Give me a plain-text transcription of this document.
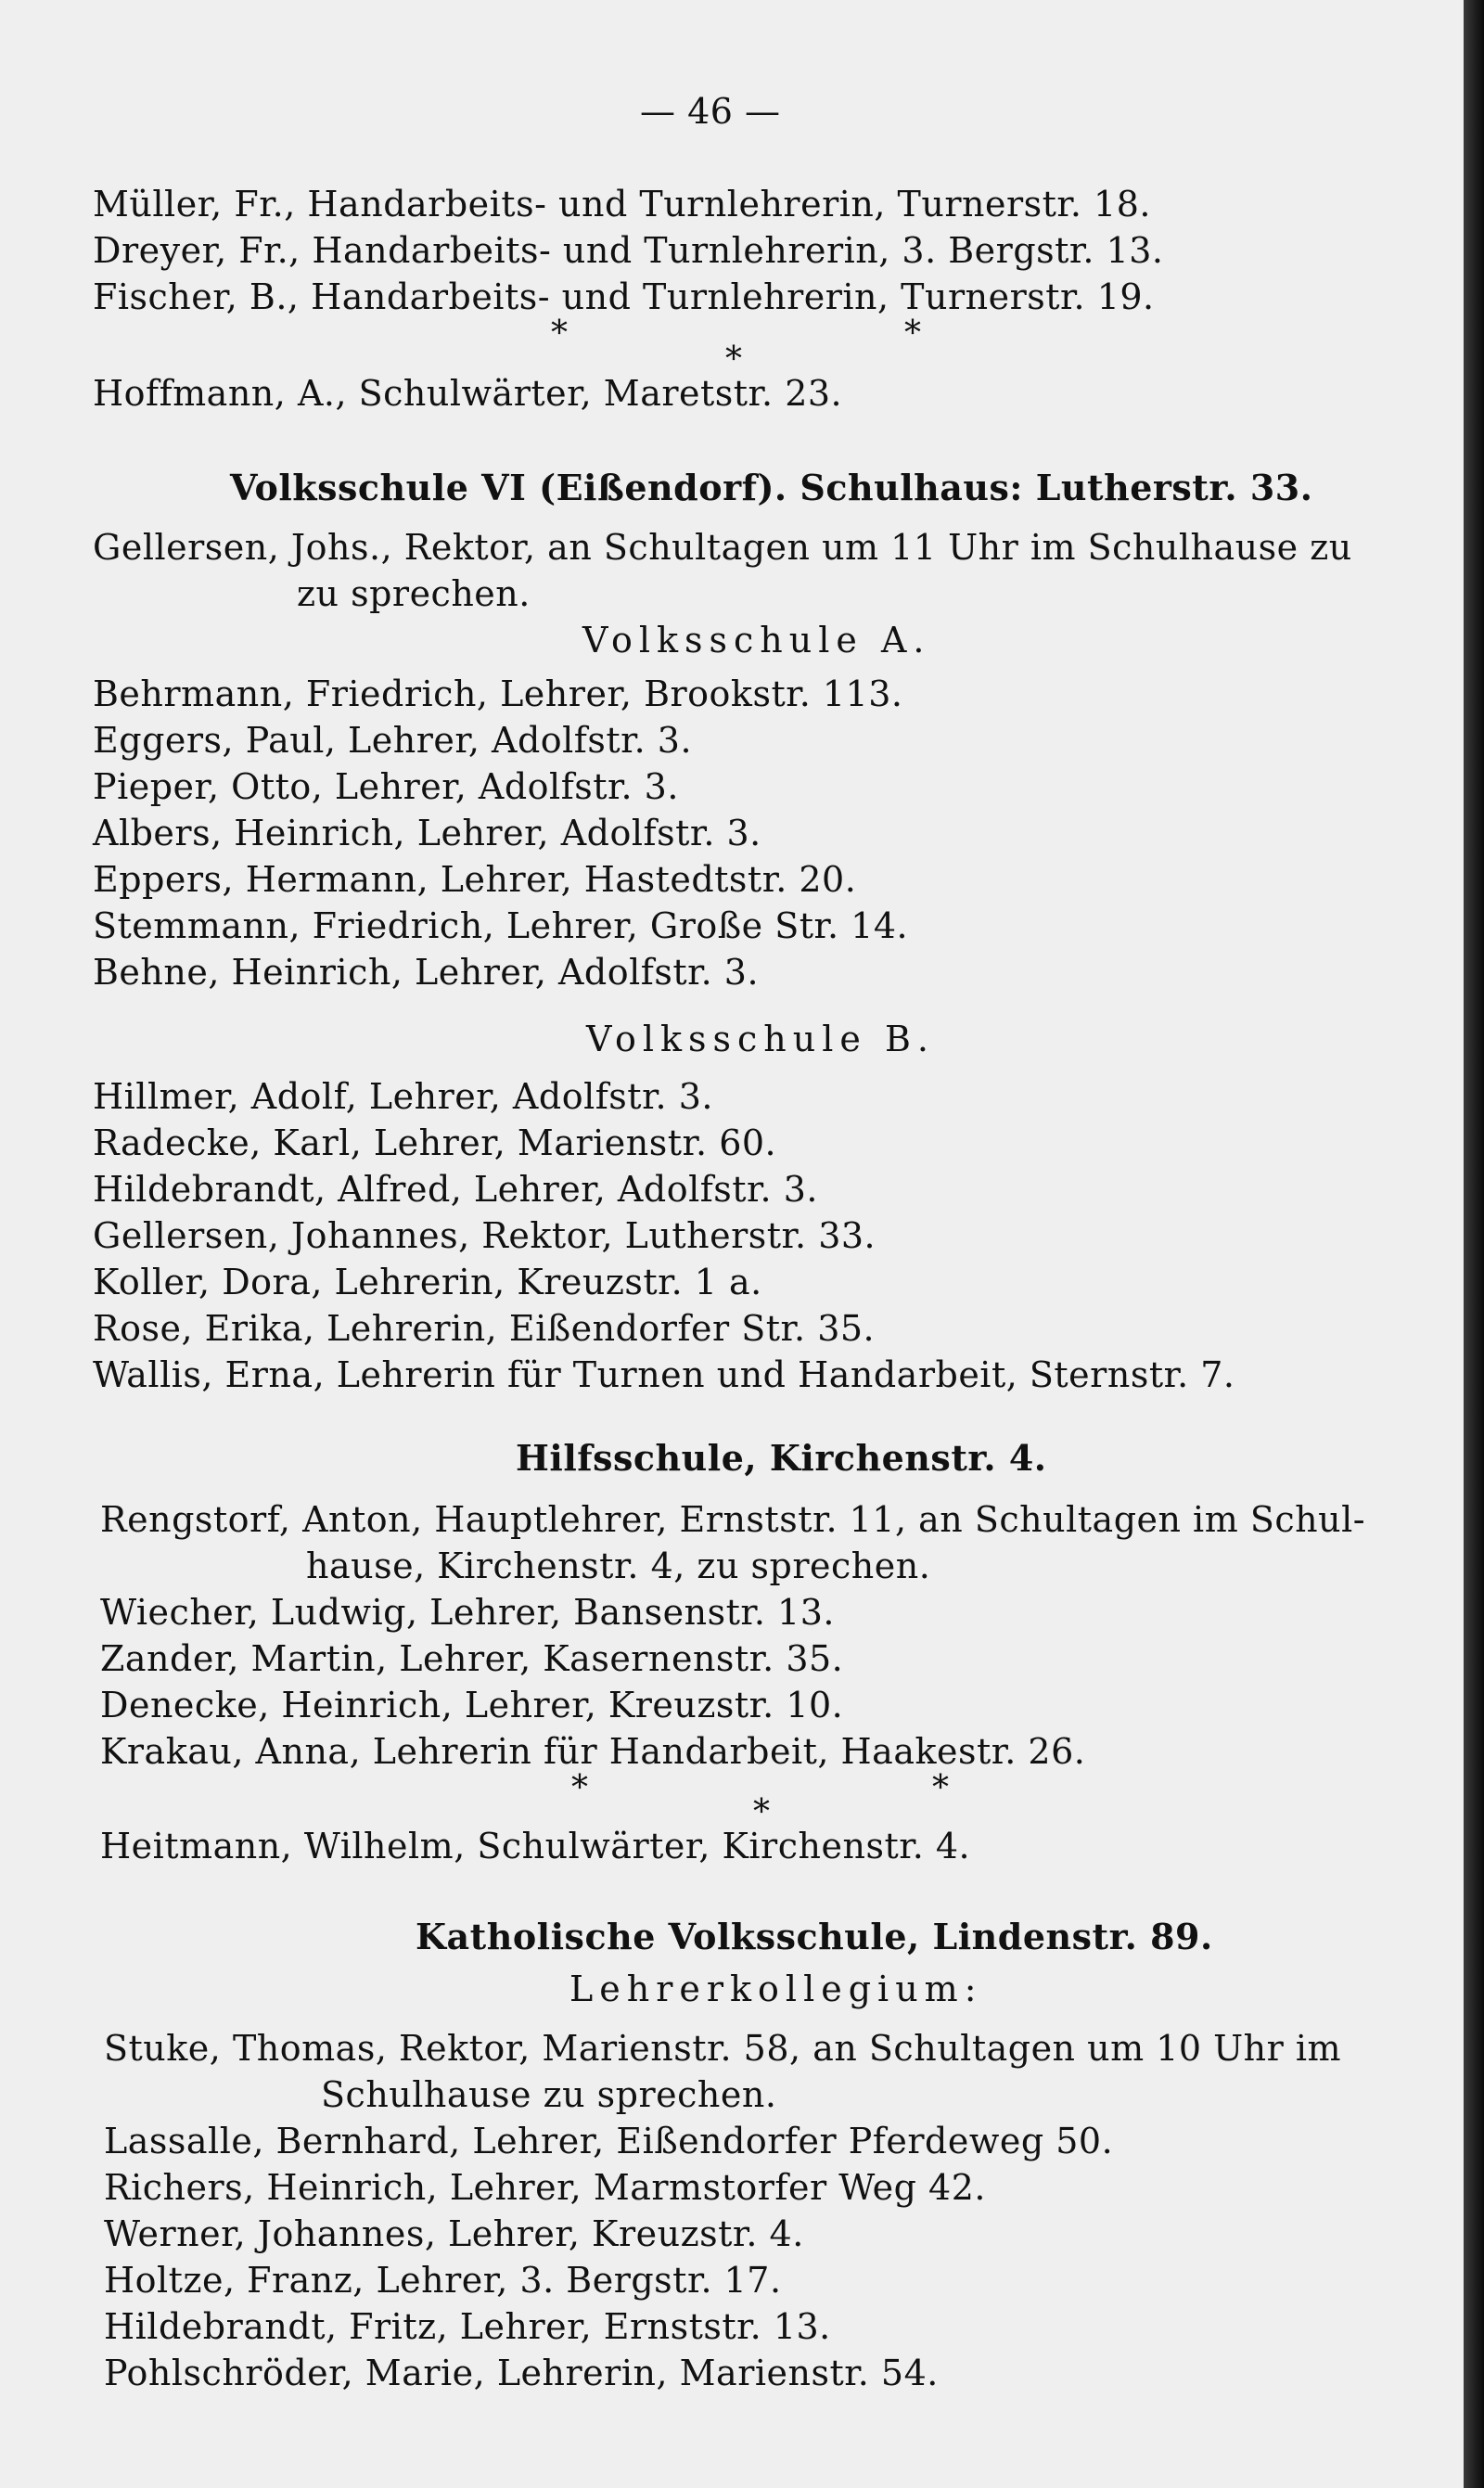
— 46 —
Müller, Fr., Handarbeits- und Turnlehrerin, Turnerstr. 18.
Dreyer, Fr., Handarbeits- und Turnlehrerin, 3. Bergstr. 13.
Fischer, B., Handarbeits- und Turnlehrerin, Turnerstr. 19.
*
*
*
Hoffmann, A., Schulwärter, Maretstr. 23.
Volksschule VI (Eißendorf). Schulhaus: Lutherstr. 33.
Gellersen, Johs., Rektor, an Schultagen um 11 Uhr im Schulhause zu
zu sprechen.
Volksschule A.
Behrmann, Friedrich, Lehrer, Brookstr. 113.
Eggers, Paul, Lehrer, Adolfstr. 3.
Pieper, Otto, Lehrer, Adolfstr. 3.
Albers, Heinrich, Lehrer, Adolfstr. 3.
Eppers, Hermann, Lehrer, Hastedtstr. 20.
Stemmann, Friedrich, Lehrer, Große Str. 14.
Behne, Heinrich, Lehrer, Adolfstr. 3.
Volksschule B.
Hillmer, Adolf, Lehrer, Adolfstr. 3.
Radecke, Karl, Lehrer, Marienstr. 60.
Hildebrandt, Alfred, Lehrer, Adolfstr. 3.
Gellersen, Johannes, Rektor, Lutherstr. 33.
Koller, Dora, Lehrerin, Kreuzstr. 1 a.
Rose, Erika, Lehrerin, Eißendorfer Str. 35.
Wallis, Erna, Lehrerin für Turnen und Handarbeit, Sternstr. 7.
Hilfsschule, Kirchenstr. 4.
Rengstorf, Anton, Hauptlehrer, Ernststr. 11, an Schultagen im Schul-
hause, Kirchenstr. 4, zu sprechen.
Wiecher, Ludwig, Lehrer, Bansenstr. 13.
Zander, Martin, Lehrer, Kasernenstr. 35.
Denecke, Heinrich, Lehrer, Kreuzstr. 10.
Krakau, Anna, Lehrerin für Handarbeit, Haakestr. 26.
*
*
*
Heitmann, Wilhelm, Schulwärter, Kirchenstr. 4.
Katholische Volksschule, Lindenstr. 89.
Lehrerkollegium:
Stuke, Thomas, Rektor, Marienstr. 58, an Schultagen um 10 Uhr im
Schulhause zu sprechen.
Lassalle, Bernhard, Lehrer, Eißendorfer Pferdeweg 50.
Richers, Heinrich, Lehrer, Marmstorfer Weg 42.
Werner, Johannes, Lehrer, Kreuzstr. 4.
Holtze, Franz, Lehrer, 3. Bergstr. 17.
Hildebrandt, Fritz, Lehrer, Ernststr. 13.
Pohlschröder, Marie, Lehrerin, Marienstr. 54.
